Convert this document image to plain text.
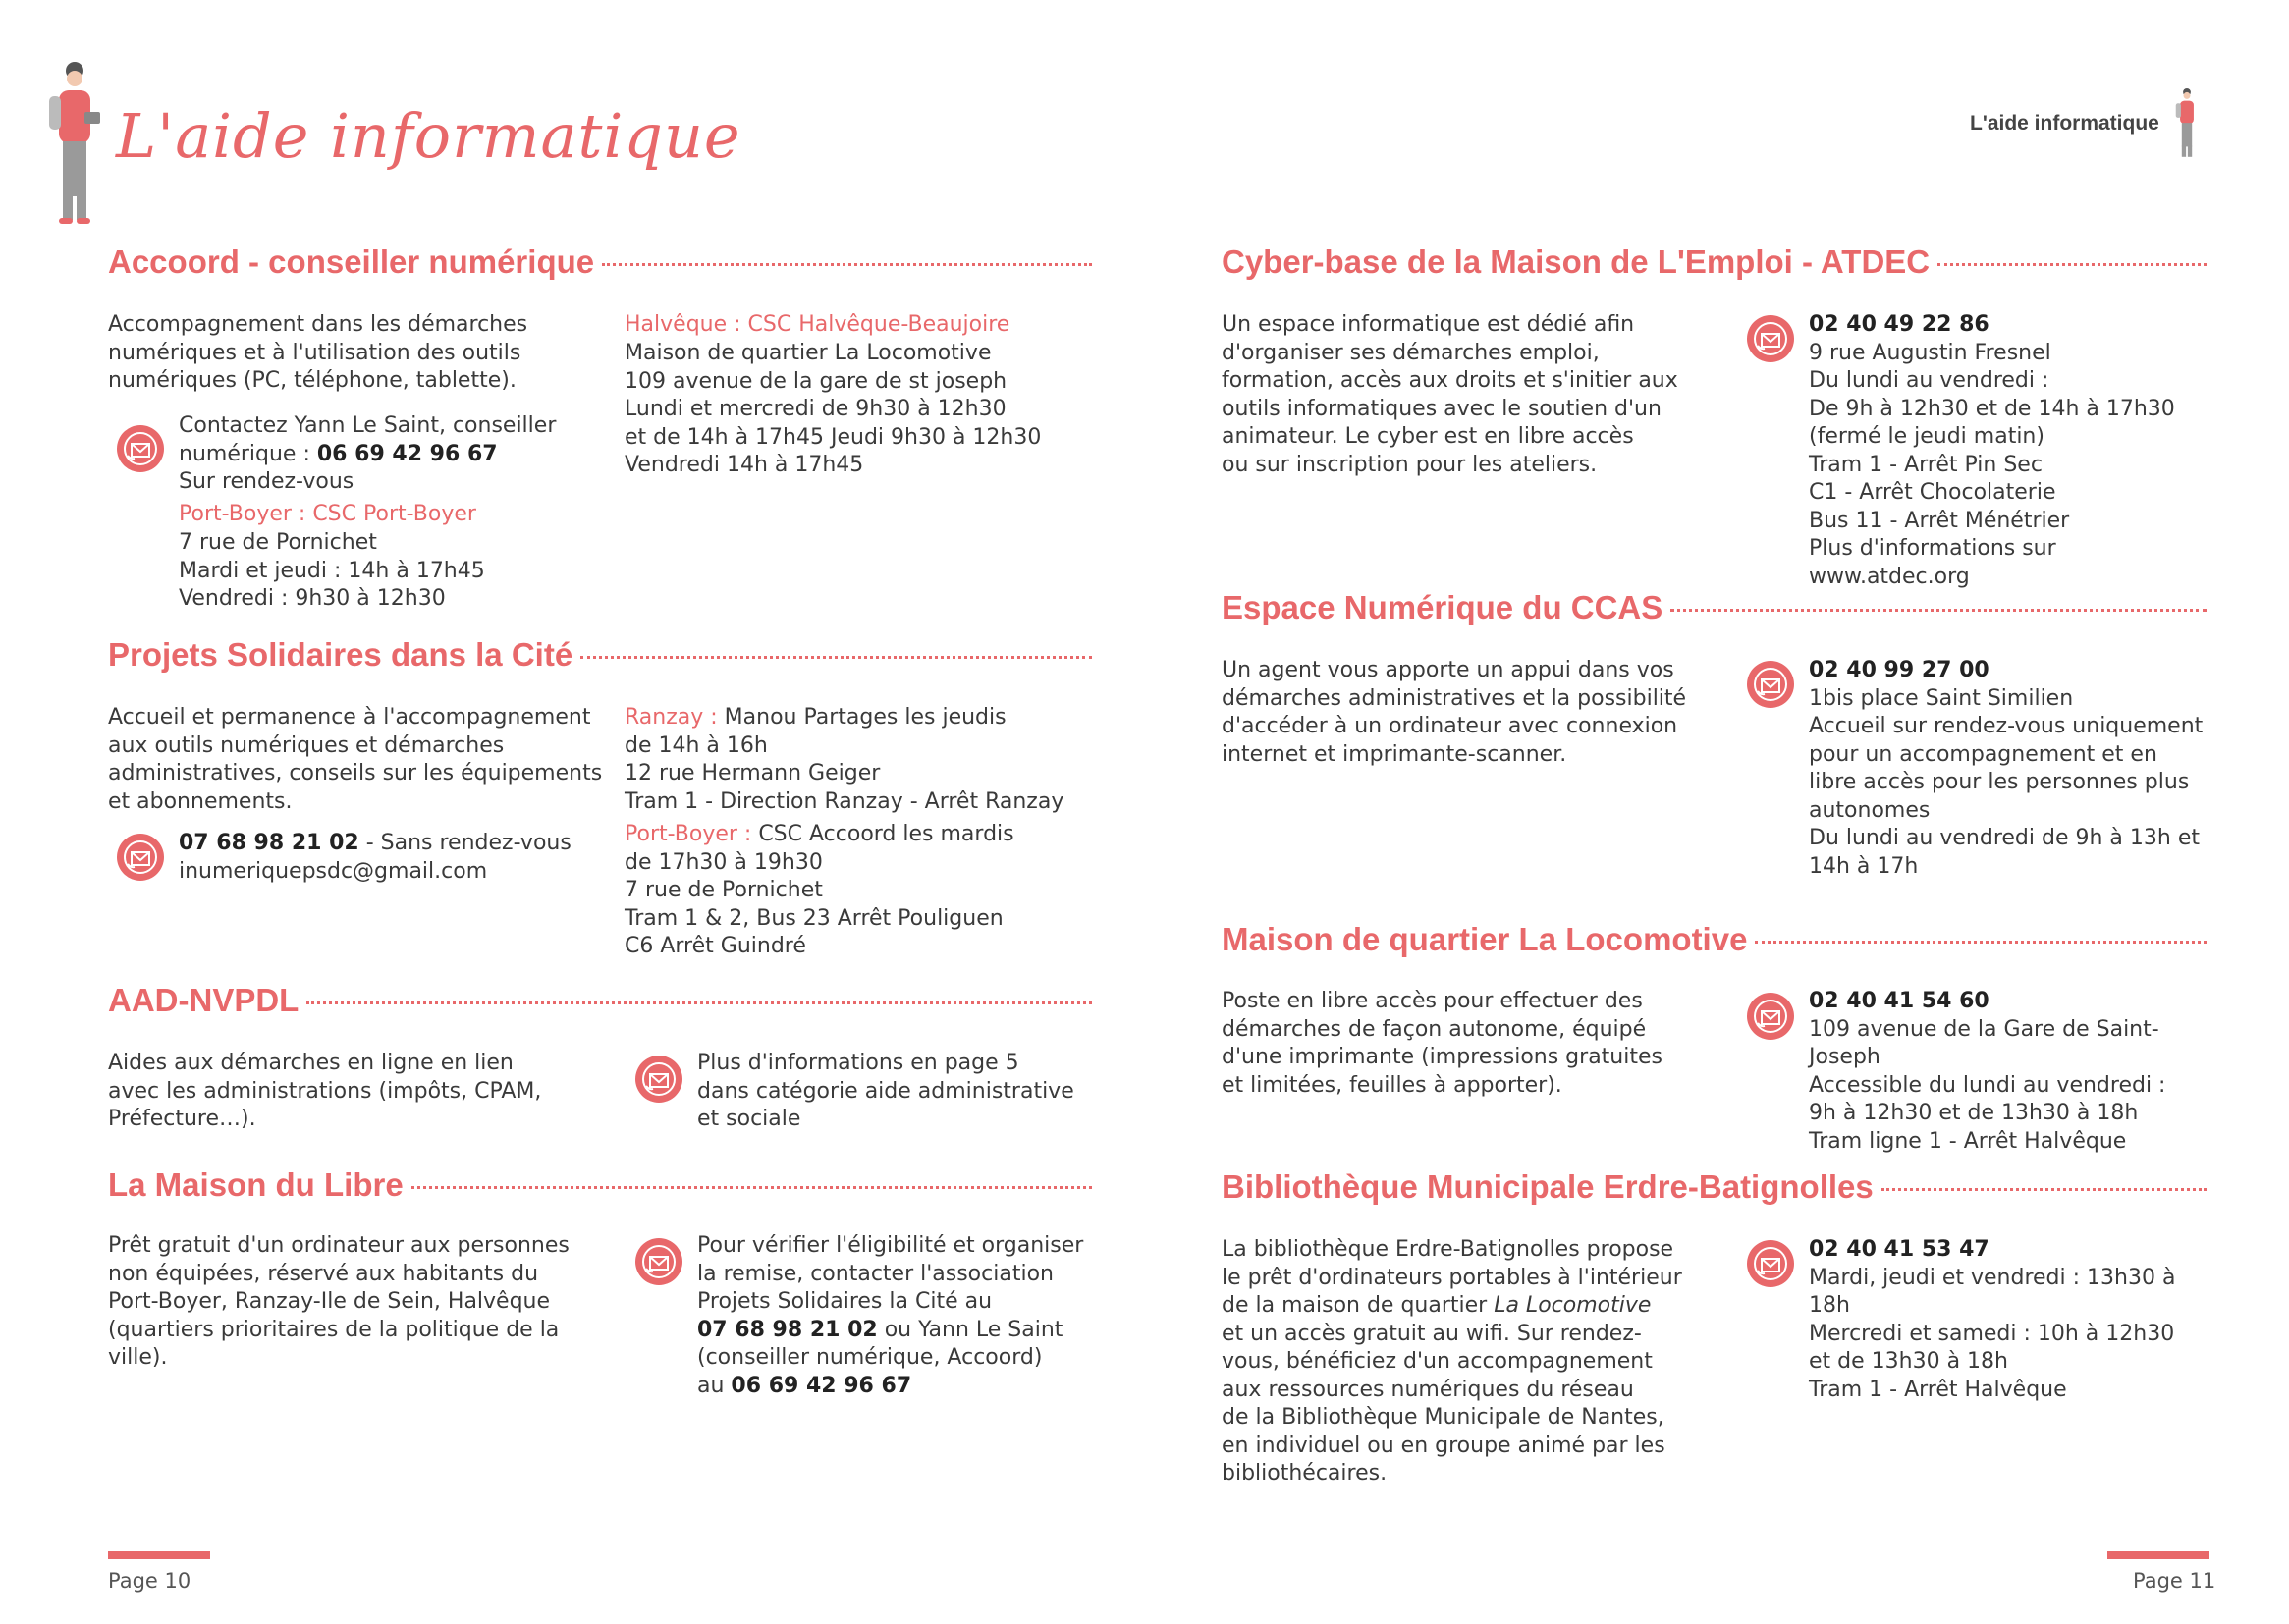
L'aide informatique	L'aide informatique
Accoord - conseiller numérique
Accompagnement dans les démarches
numériques et à l'utilisation des outils
numériques (PC, téléphone, tablette).
Contactez Yann Le Saint, conseiller
numérique : 06 69 42 96 67
Sur rendez-vous
Port-Boyer : CSC Port-Boyer
7 rue de Pornichet
Mardi et jeudi : 14h à 17h45
Vendredi : 9h30 à 12h30
Halvêque : CSC Halvêque-Beaujoire
Maison de quartier La Locomotive
109 avenue de la gare de st joseph
Lundi et mercredi de 9h30 à 12h30
et de 14h à 17h45 Jeudi 9h30 à 12h30
Vendredi 14h à 17h45
Projets Solidaires dans la Cité
Accueil et permanence à l'accompagnement
aux outils numériques et démarches
administratives, conseils sur les équipements
et abonnements.
07 68 98 21 02 - Sans rendez-vous
inumeriquepsdc@gmail.com
Ranzay : Manou Partages les jeudis
de 14h à 16h
12 rue Hermann Geiger
Tram 1 - Direction Ranzay - Arrêt Ranzay
Port-Boyer : CSC Accoord les mardis
de 17h30 à 19h30
7 rue de Pornichet
Tram 1 & 2, Bus 23 Arrêt Pouliguen
C6 Arrêt Guindré
AAD-NVPDL
Aides aux démarches en ligne en lien
avec les administrations (impôts, CPAM,
Préfecture…).
Plus d'informations en page 5
dans catégorie aide administrative
et sociale
La Maison du Libre
Prêt gratuit d'un ordinateur aux personnes
non équipées, réservé aux habitants du
Port-Boyer, Ranzay-Ile de Sein, Halvêque
(quartiers prioritaires de la politique de la ville).
Pour vérifier l'éligibilité et organiser
la remise, contacter l'association
Projets Solidaires la Cité au
07 68 98 21 02 ou Yann Le Saint
(conseiller numérique, Accoord)
au 06 69 42 96 67
Page 10
Cyber-base de la Maison de L'Emploi - ATDEC
Un espace informatique est dédié afin
d'organiser ses démarches emploi,
formation, accès aux droits et s'initier aux
outils informatiques avec le soutien d'un
animateur. Le cyber est en libre accès
ou sur inscription pour les ateliers.
02 40 49 22 86
9 rue Augustin Fresnel
Du lundi au vendredi :
De 9h à 12h30 et de 14h à 17h30
(fermé le jeudi matin)
Tram 1 - Arrêt Pin Sec
C1 - Arrêt Chocolaterie
Bus 11 - Arrêt Ménétrier
Plus d'informations sur www.atdec.org
Espace Numérique du CCAS
Un agent vous apporte un appui dans vos
démarches administratives et la possibilité
d'accéder à un ordinateur avec connexion
internet et imprimante-scanner.
02 40 99 27 00
1bis place Saint Similien
Accueil sur rendez-vous uniquement
pour un accompagnement et en
libre accès pour les personnes plus
autonomes
Du lundi au vendredi de 9h à 13h et
14h à 17h
Maison de quartier La Locomotive
Poste en libre accès pour effectuer des
démarches de façon autonome, équipé
d'une imprimante (impressions gratuites
et limitées, feuilles à apporter).
02 40 41 54 60
109 avenue de la Gare de Saint-Joseph
Accessible du lundi au vendredi :
9h à 12h30 et de 13h30 à 18h
Tram ligne 1 - Arrêt Halvêque
Bibliothèque Municipale Erdre-Batignolles
La bibliothèque Erdre-Batignolles propose
le prêt d'ordinateurs portables à l'intérieur
de la maison de quartier La Locomotive
et un accès gratuit au wifi. Sur rendez-
vous, bénéficiez d'un accompagnement
aux ressources numériques du réseau
de la Bibliothèque Municipale de Nantes,
en individuel ou en groupe animé par les
bibliothécaires.
02 40 41 53 47
Mardi, jeudi et vendredi : 13h30 à 18h
Mercredi et samedi : 10h à 12h30
et de 13h30 à 18h
Tram 1 - Arrêt Halvêque
Page 11
